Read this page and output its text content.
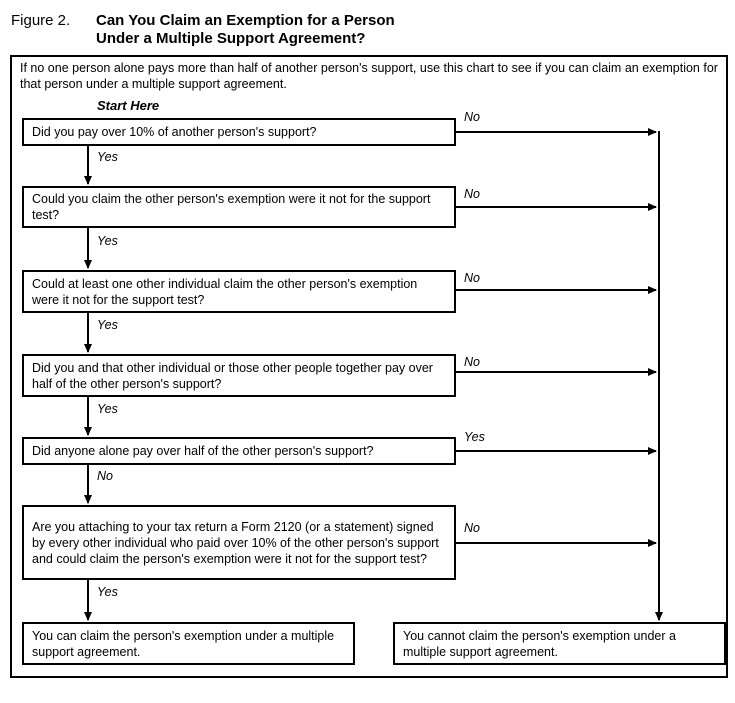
Figure 2. Can You Claim an Exemption for a Person
Under a Multiple Support Agreement?
If no one person alone pays more than half of another person's support, use this chart to see if you can claim an exemption for that person under a multiple support agreement.
Start Here
Did you pay over 10% of another person's support?
Could you claim the other person's exemption were it not for the support test?
Could at least one other individual claim the other person's exemption were it not for the support test?
Did you and that other individual or those other people together pay over half of the other person's support?
Did anyone alone pay over half of the other person's support?
Are you attaching to your tax return a Form 2120 (or a statement) signed by every other individual who paid over 10% of the other person's support and could claim the person's exemption were it not for the support test?
You can claim the person's exemption under a multiple support agreement.
You cannot claim the person's exemption under a multiple support agreement.
Yes
Yes
Yes
Yes
No
Yes
No
No
No
No
Yes
No
